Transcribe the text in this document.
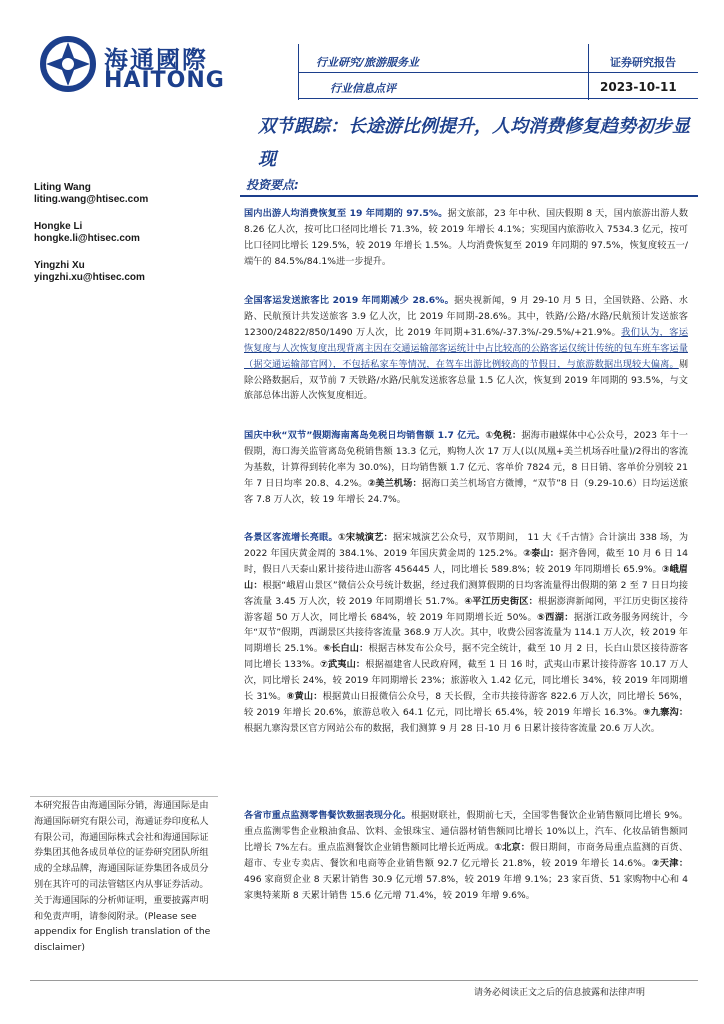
海通國際
HAITONG
行业研究/旅游服务业
行业信息点评
证券研究报告
2023-10-11
双节跟踪：长途游比例提升，人均消费修复趋势初步显现
Liting Wang
liting.wang@htisec.com
Hongke Li
hongke.li@htisec.com
Yingzhi Xu
yingzhi.xu@htisec.com
投资要点:

国内出游人均消费恢复至 19 年同期的 97.5%。据文旅部，23 年中秋、国庆假期 8 天，国内旅游出游人数 8.26 亿人次，按可比口径同比增长 71.3%，较 2019 年增长 4.1%；实现国内旅游收入 7534.3 亿元，按可比口径同比增长 129.5%，较 2019 年增长 1.5%。人均消费恢复至 2019 年同期的 97.5%，恢复度较五一/端午的 84.5%/84.1%进一步提升。

全国客运发送旅客比 2019 年同期减少 28.6%。据央视新闻，9 月 29-10 月 5 日，全国铁路、公路、水路、民航预计共发送旅客 3.9 亿人次，比 2019 年同期-28.6%。其中，铁路/公路/水路/民航预计发送旅客 12300/24822/850/1490 万人次，比 2019 年同期+31.6%/-37.3%/-29.5%/+21.9%。我们认为，客运恢复度与人次恢复度出现背离主因在交通运输部客运统计中占比较高的公路客运仅统计传统的包车班车客运量（据交通运输部官网），不包括私家车等情况，在驾车出游比例较高的节假日，与旅游数据出现较大偏离。剔除公路数据后，双节前 7 天铁路/水路/民航发送旅客总量 1.5 亿人次，恢复到 2019 年同期的 93.5%，与文旅部总体出游人次恢复度相近。

国庆中秋“双节”假期海南离岛免税日均销售额 1.7 亿元。①免税：据海市融媒体中心公众号，2023 年十一假期，海口海关监管离岛免税销售额 13.3 亿元，购物人次 17 万人(以(凤凰+美兰机场吞吐量)/2得出的客流为基数，计算得到转化率为 30.0%)，日均销售额 1.7 亿元、客单价 7824 元，8 日日销、客单价分别较 21 年 7 日日均率 20.8、4.2%。②美兰机场：据海口美兰机场官方微博，“双节”8 日（9.29-10.6）日均运送旅客 7.8 万人次，较 19 年增长 24.7%。

各景区客流增长亮眼。①宋城演艺：据宋城演艺公众号，双节期间， 11 大《千古情》合计演出 338 场，为 2022 年国庆黄金周的 384.1%、2019 年国庆黄金周的 125.2%。②泰山：据齐鲁网，截至 10 月 6 日 14 时，假日八天泰山累计接待进山游客 456445 人，同比增长 589.8%；较 2019 年同期增长 65.9%。③峨眉山：根据“峨眉山景区”微信公众号统计数据，经过我们测算假期的日均客流量得出假期的第 2 至 7 日日均接客流量 3.45 万人次，较 2019 年同期增长 51.7%。④平江历史街区：根据澎湃新闻网，平江历史街区接待游客超 50 万人次，同比增长 684%，较 2019 年同期增长近 50%。⑤西湖：据浙江政务服务网统计，今年“双节”假期，西湖景区共接待客流量 368.9 万人次。其中，收费公园客流量为 114.1 万人次，较 2019 年同期增长 25.1%。⑥长白山：根据吉林发布公众号，据不完全统计，截至 10 月 2 日，长白山景区接待游客同比增长 133%。⑦武夷山：根据福建省人民政府网，截至 1 日 16 时，武夷山市累计接待游客 10.17 万人次，同比增长 24%，较 2019 年同期增长 23%；旅游收入 1.42 亿元，同比增长 34%，较 2019 年同期增长 31%。⑧黄山：根据黄山日报微信公众号，8 天长假，全市共接待游客 822.6 万人次，同比增长 56%，较 2019 年增长 20.6%，旅游总收入 64.1 亿元，同比增长 65.4%，较 2019 年增长 16.3%。⑨九寨沟：根据九寨沟景区官方网站公布的数据，我们测算 9 月 28 日-10 月 6 日累计接待客流量 20.6 万人次。

各省市重点监测零售餐饮数据表现分化。根据财联社，假期前七天，全国零售餐饮企业销售额同比增长 9%。重点监测零售企业粮油食品、饮料、金银珠宝、通信器材销售额同比增长 10%以上，汽车、化妆品销售额同比增长 7%左右。重点监测餐饮企业销售额同比增长近两成。①北京：假日期间，市商务局重点监测的百货、超市、专业专卖店、餐饮和电商等企业销售额 92.7 亿元增长 21.8%，较 2019 年增长 14.6%。②天津：496 家商贸企业 8 天累计销售 30.9 亿元增 57.8%，较 2019 年增 9.1%；23 家百货、51 家购物中心和 4 家奥特莱斯 8 天累计销售 15.6 亿元增 71.4%，较 2019 年增 9.6%。

本研究报告由海通国际分销，海通国际是由海通国际研究有限公司，海通证券印度私人有限公司，海通国际株式会社和海通国际证券集团其他各成员单位的证券研究团队所组成的全球品牌，海通国际证券集团各成员分别在其许可的司法管辖区内从事证券活动。关于海通国际的分析师证明，重要披露声明和免责声明，请参阅附录。(Please see appendix for English translation of the disclaimer)
请务必阅读正文之后的信息披露和法律声明
